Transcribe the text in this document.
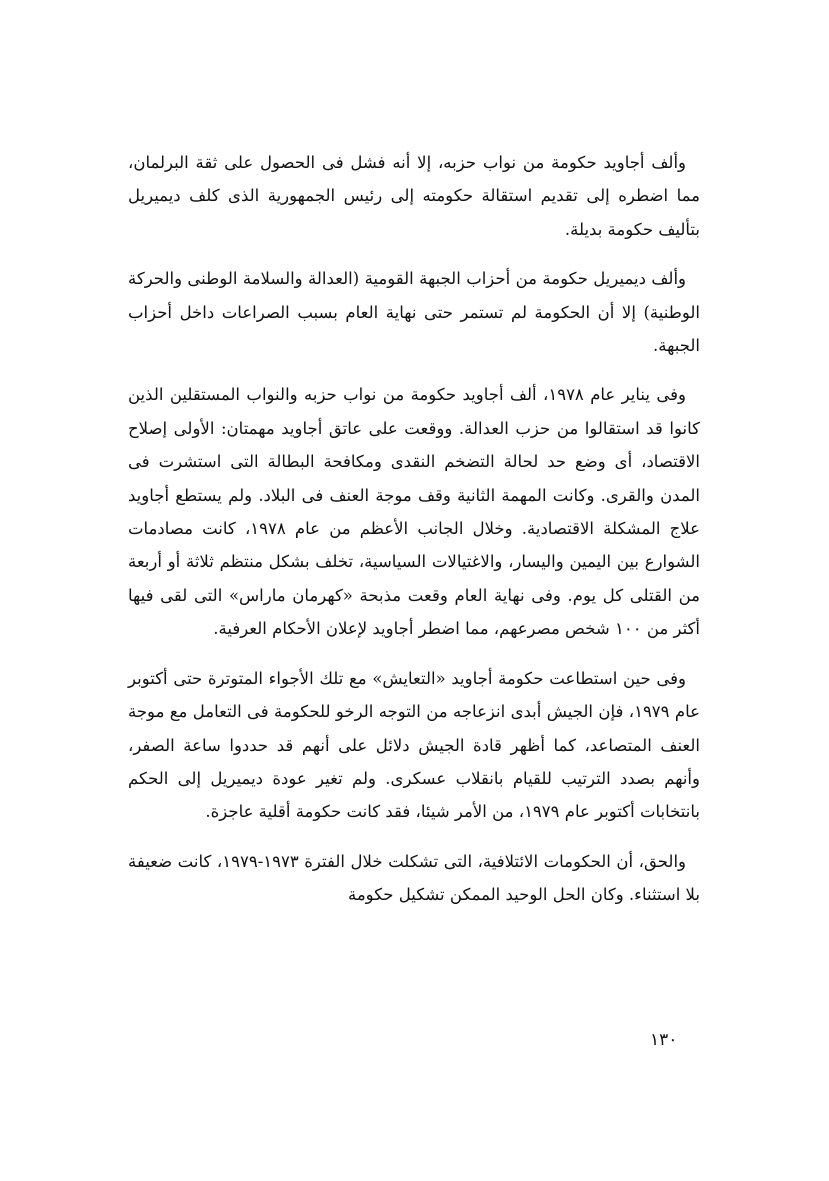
وألف أجاويد حكومة من نواب حزبه، إلا أنه فشل فى الحصول على ثقة البرلمان، مما اضطره إلى تقديم استقالة حكومته إلى رئيس الجمهورية الذى كلف ديميريل بتأليف حكومة بديلة.

وألف ديميريل حكومة من أحزاب الجبهة القومية (العدالة والسلامة الوطنى والحركة الوطنية) إلا أن الحكومة لم تستمر حتى نهاية العام بسبب الصراعات داخل أحزاب الجبهة.

وفى يناير عام ١٩٧٨، ألف أجاويد حكومة من نواب حزبه والنواب المستقلين الذين كانوا قد استقالوا من حزب العدالة. ووقعت على عاتق أجاويد مهمتان: الأولى إصلاح الاقتصاد، أى وضع حد لحالة التضخم النقدى ومكافحة البطالة التى استشرت فى المدن والقرى. وكانت المهمة الثانية وقف موجة العنف فى البلاد. ولم يستطع أجاويد علاج المشكلة الاقتصادية. وخلال الجانب الأعظم من عام ١٩٧٨، كانت مصادمات الشوارع بين اليمين واليسار، والاغتيالات السياسية، تخلف بشكل منتظم ثلاثة أو أربعة من القتلى كل يوم. وفى نهاية العام وقعت مذبحة «كهرمان ماراس» التى لقى فيها أكثر من ١٠٠ شخص مصرعهم، مما اضطر أجاويد لإعلان الأحكام العرفية.

وفى حين استطاعت حكومة أجاويد «التعايش» مع تلك الأجواء المتوترة حتى أكتوبر عام ١٩٧٩، فإن الجيش أبدى انزعاجه من التوجه الرخو للحكومة فى التعامل مع موجة العنف المتصاعد، كما أظهر قادة الجيش دلائل على أنهم قد حددوا ساعة الصفر، وأنهم بصدد الترتيب للقيام بانقلاب عسكرى. ولم تغير عودة ديميريل إلى الحكم بانتخابات أكتوبر عام ١٩٧٩، من الأمر شيئا، فقد كانت حكومة أقلية عاجزة.

والحق، أن الحكومات الائتلافية، التى تشكلت خلال الفترة ١٩٧٣-١٩٧٩، كانت ضعيفة بلا استثناء. وكان الحل الوحيد الممكن تشكيل حكومة

١٣٠
